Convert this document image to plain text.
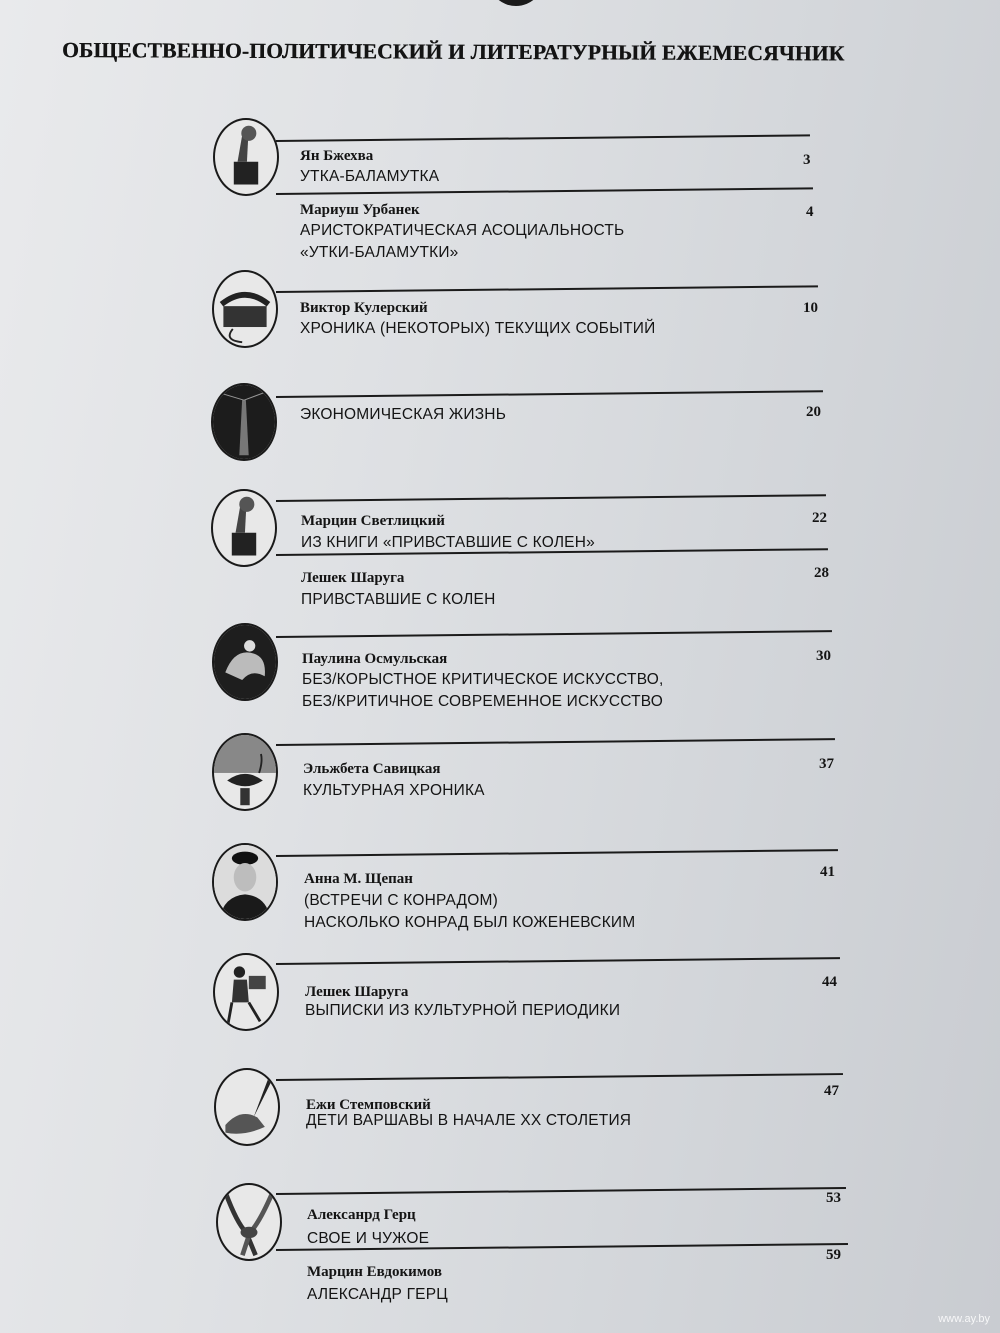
ОБЩЕСТВЕННО-ПОЛИТИЧЕСКИЙ И ЛИТЕРАТУРНЫЙ ЕЖЕМЕСЯЧНИК
Ян Бжехва
УТКА-БАЛАМУТКА
3
Мариуш Урбанек
АРИСТОКРАТИЧЕСКАЯ АСОЦИАЛЬНОСТЬ
«УТКИ-БАЛАМУТКИ»
4
Виктор Кулерский
ХРОНИКА (НЕКОТОРЫХ) ТЕКУЩИХ СОБЫТИЙ
10
ЭКОНОМИЧЕСКАЯ ЖИЗНЬ	20
Марцин Светлицкий
ИЗ КНИГИ «ПРИВСТАВШИЕ С КОЛЕН»
22
Лешек Шаруга
ПРИВСТАВШИЕ С КОЛЕН
28
Паулина Осмульская
БЕЗ/КОРЫСТНОЕ КРИТИЧЕСКОЕ ИСКУССТВО,
БЕЗ/КРИТИЧНОЕ СОВРЕМЕННОЕ ИСКУССТВО
30
Эльжбета Савицкая
КУЛЬТУРНАЯ ХРОНИКА
37
Анна М. Щепан
(ВСТРЕЧИ С КОНРАДОМ)
НАСКОЛЬКО КОНРАД БЫЛ КОЖЕНЕВСКИМ
41
Лешек Шаруга
ВЫПИСКИ ИЗ КУЛЬТУРНОЙ ПЕРИОДИКИ
44
Ежи Стемповский
ДЕТИ ВАРШАВЫ В НАЧАЛЕ XX СТОЛЕТИЯ
47
Алексанрд Герц
СВОЕ И ЧУЖОЕ
53
Марцин Евдокимов
АЛЕКСАНДР ГЕРЦ
59
www.ay.by
